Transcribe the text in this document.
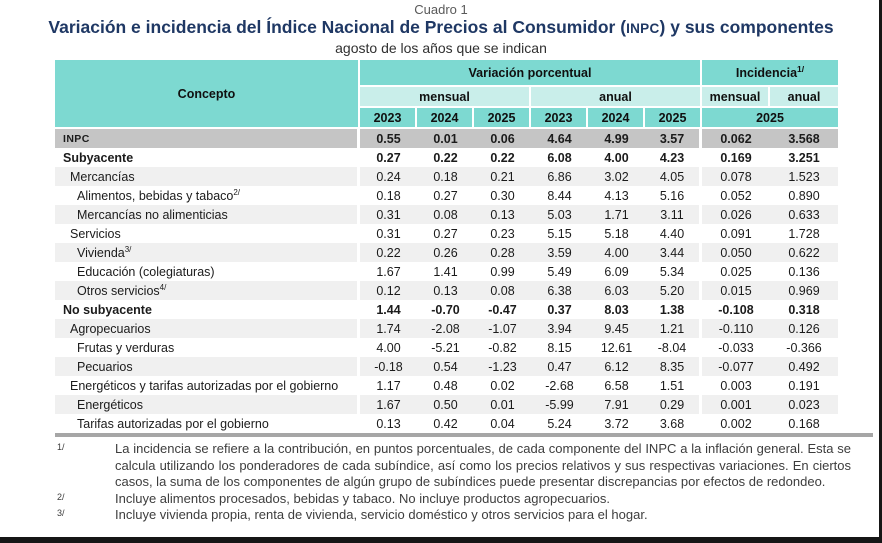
Cuadro 1
Variación e incidencia del Índice Nacional de Precios al Consumidor (INPC) y sus componentes
agosto de los años que se indican
Concepto	Variación porcentual						Incidencia$^{1/}$
	mensual			anual			mensual	anual
	2023	2024	2025	2023	2024	2025	2025	
INPC	0.55	0.01	0.06	4.64	4.99	3.57	0.062	3.568
Subyacente	0.27	0.22	0.22	6.08	4.00	4.23	0.169	3.251
Mercancías	0.24	0.18	0.21	6.86	3.02	4.05	0.078	1.523
Alimentos, bebidas y tabaco$^{2/}$	0.18	0.27	0.30	8.44	4.13	5.16	0.052	0.890
Mercancías no alimenticias	0.31	0.08	0.13	5.03	1.71	3.11	0.026	0.633
Servicios	0.31	0.27	0.23	5.15	5.18	4.40	0.091	1.728
Vivienda$^{3/}$	0.22	0.26	0.28	3.59	4.00	3.44	0.050	0.622
Educación (colegiaturas)	1.67	1.41	0.99	5.49	6.09	5.34	0.025	0.136
Otros servicios$^{4/}$	0.12	0.13	0.08	6.38	6.03	5.20	0.015	0.969
No subyacente	1.44	-0.70	-0.47	0.37	8.03	1.38	-0.108	0.318
Agropecuarios	1.74	-2.08	-1.07	3.94	9.45	1.21	-0.110	0.126
Frutas y verduras	4.00	-5.21	-0.82	8.15	12.61	-8.04	-0.033	-0.366
Pecuarios	-0.18	0.54	-1.23	0.47	6.12	8.35	-0.077	0.492
Energéticos y tarifas autorizadas por el gobierno	1.17	0.48	0.02	-2.68	6.58	1.51	0.003	0.191
Energéticos	1.67	0.50	0.01	-5.99	7.91	0.29	0.001	0.023
Tarifas autorizadas por el gobierno	0.13	0.42	0.04	5.24	3.72	3.68	0.002	0.168
1/	La incidencia se refiere a la contribución, en puntos porcentuales, de cada componente del INPC a la inflación general. Esta se calcula utilizando los ponderadores de cada subíndice, así como los precios relativos y sus respectivas variaciones. En ciertos casos, la suma de los componentes de algún grupo de subíndices puede presentar discrepancias por efectos de redondeo.
2/	Incluye alimentos procesados, bebidas y tabaco. No incluye productos agropecuarios.
3/	Incluye vivienda propia, renta de vivienda, servicio doméstico y otros servicios para el hogar.
